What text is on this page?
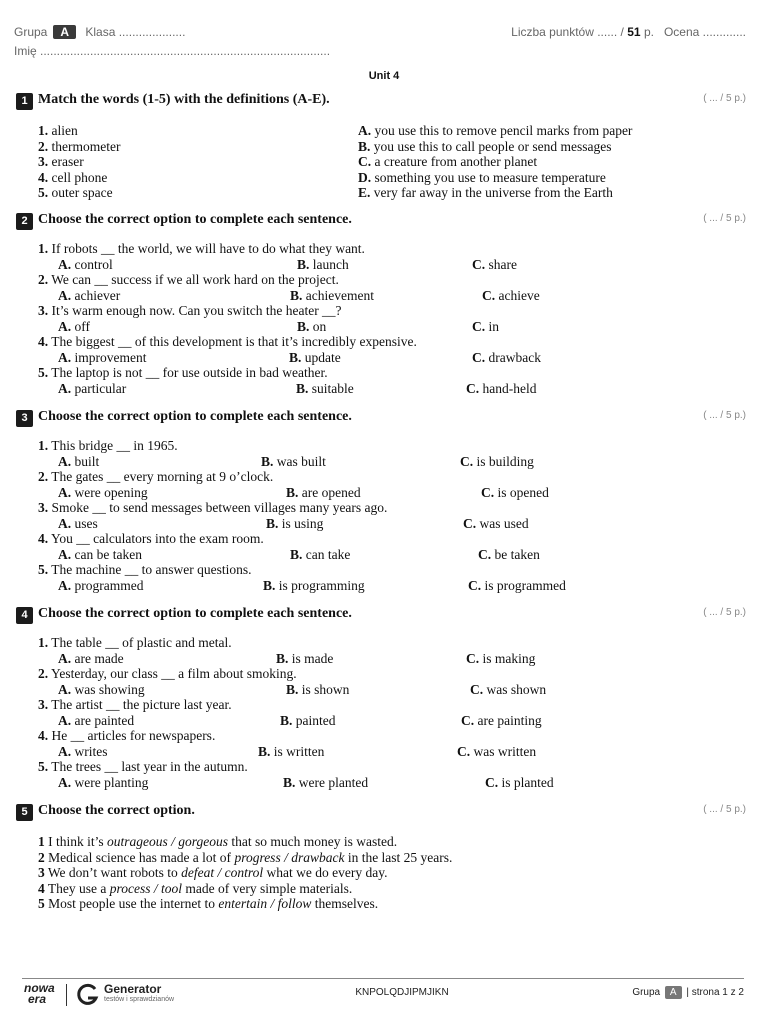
Grupa A Klasa ....................	Liczba punktów ...... / 51 p. Ocena .............
Imię .......................................................................................
Unit 4
1 Match the words (1-5) with the definitions (A-E).	( ... / 5 p.)
1. alien	A. you use this to remove pencil marks from paper
2. thermometer	B. you use this to call people or send messages
3. eraser	C. a creature from another planet
4. cell phone	D. something you use to measure temperature
5. outer space	E. very far away in the universe from the Earth
2 Choose the correct option to complete each sentence.	( ... / 5 p.)
1. If robots __ the world, we will have to do what they want.
A. control	B. launch	C. share
2. We can __ success if we all work hard on the project.
A. achiever	B. achievement	C. achieve
3. It’s warm enough now. Can you switch the heater __?
A. off	B. on	C. in
4. The biggest __ of this development is that it’s incredibly expensive.
A. improvement	B. update	C. drawback
5. The laptop is not __ for use outside in bad weather.
A. particular	B. suitable	C. hand-held
3 Choose the correct option to complete each sentence.	( ... / 5 p.)
1. This bridge __ in 1965.
A. built	B. was built	C. is building
2. The gates __ every morning at 9 o’clock.
A. were opening	B. are opened	C. is opened
3. Smoke __ to send messages between villages many years ago.
A. uses	B. is using	C. was used
4. You __ calculators into the exam room.
A. can be taken	B. can take	C. be taken
5. The machine __ to answer questions.
A. programmed	B. is programming	C. is programmed
4 Choose the correct option to complete each sentence.	( ... / 5 p.)
1. The table __ of plastic and metal.
A. are made	B. is made	C. is making
2. Yesterday, our class __ a film about smoking.
A. was showing	B. is shown	C. was shown
3. The artist __ the picture last year.
A. are painted	B. painted	C. are painting
4. He __ articles for newspapers.
A. writes	B. is written	C. was written
5. The trees __ last year in the autumn.
A. were planting	B. were planted	C. is planted
5 Choose the correct option.	( ... / 5 p.)
1 I think it’s outrageous / gorgeous that so much money is wasted.
2 Medical science has made a lot of progress / drawback in the last 25 years.
3 We don’t want robots to defeat / control what we do every day.
4 They use a process / tool made of very simple materials.
5 Most people use the internet to entertain / follow themselves.
nowa
era
Generator
testów i sprawdzianów
KNPOLQDJIPMJIKN	Grupa A | strona 1 z 2
